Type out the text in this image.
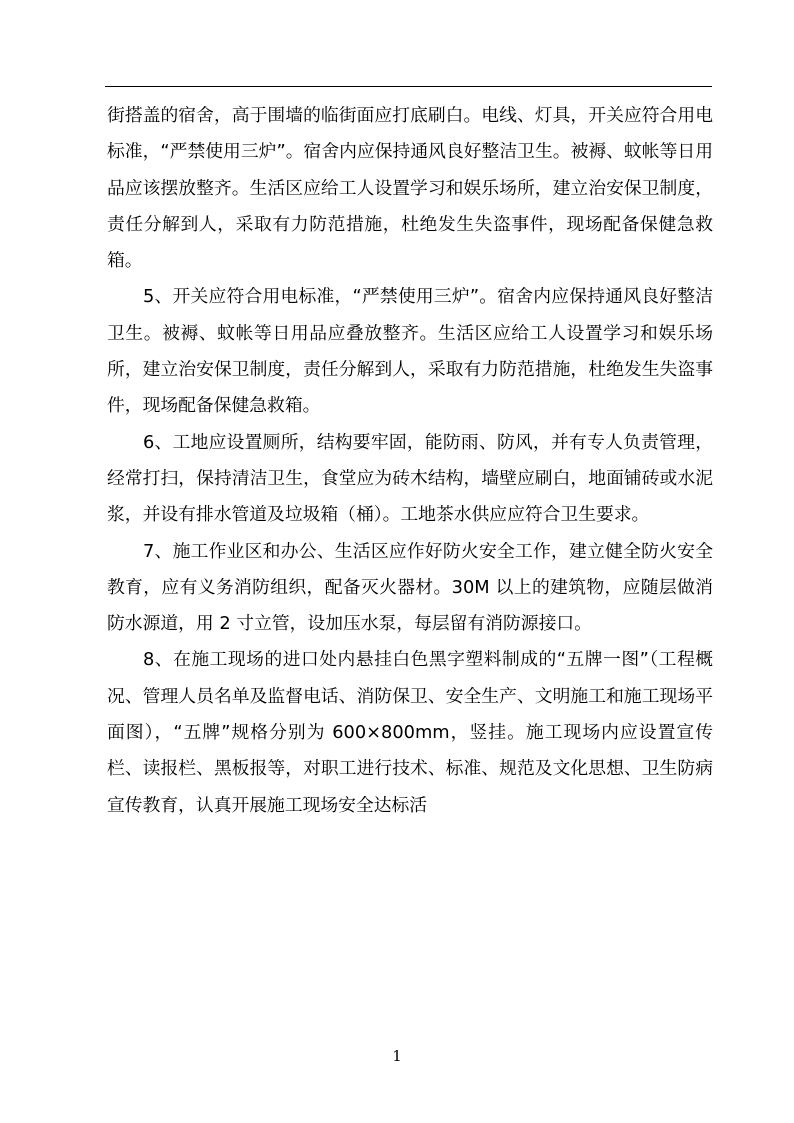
街搭盖的宿舍，高于围墙的临街面应打底刷白。电线、灯具，开关应符合用电标准，“严禁使用三炉”。宿舍内应保持通风良好整洁卫生。被褥、蚊帐等日用品应该摆放整齐。生活区应给工人设置学习和娱乐场所，建立治安保卫制度，责任分解到人，采取有力防范措施，杜绝发生失盗事件，现场配备保健急救箱。

5、开关应符合用电标准，“严禁使用三炉”。宿舍内应保持通风良好整洁卫生。被褥、蚊帐等日用品应叠放整齐。生活区应给工人设置学习和娱乐场所，建立治安保卫制度，责任分解到人，采取有力防范措施，杜绝发生失盗事件，现场配备保健急救箱。

6、工地应设置厕所，结构要牢固，能防雨、防风，并有专人负责管理，经常打扫，保持清洁卫生，食堂应为砖木结构，墙壁应刷白，地面铺砖或水泥浆，并设有排水管道及垃圾箱（桶）。工地茶水供应应符合卫生要求。

7、施工作业区和办公、生活区应作好防火安全工作，建立健全防火安全教育，应有义务消防组织，配备灭火器材。30M 以上的建筑物，应随层做消防水源道，用 2 寸立管，设加压水泵，每层留有消防源接口。

8、在施工现场的进口处内悬挂白色黑字塑料制成的“五牌一图”（工程概况、管理人员名单及监督电话、消防保卫、安全生产、文明施工和施工现场平面图），“五牌”规格分别为 600×800mm，竖挂。施工现场内应设置宣传栏、读报栏、黑板报等，对职工进行技术、标准、规范及文化思想、卫生防病宣传教育，认真开展施工现场安全达标活

1
